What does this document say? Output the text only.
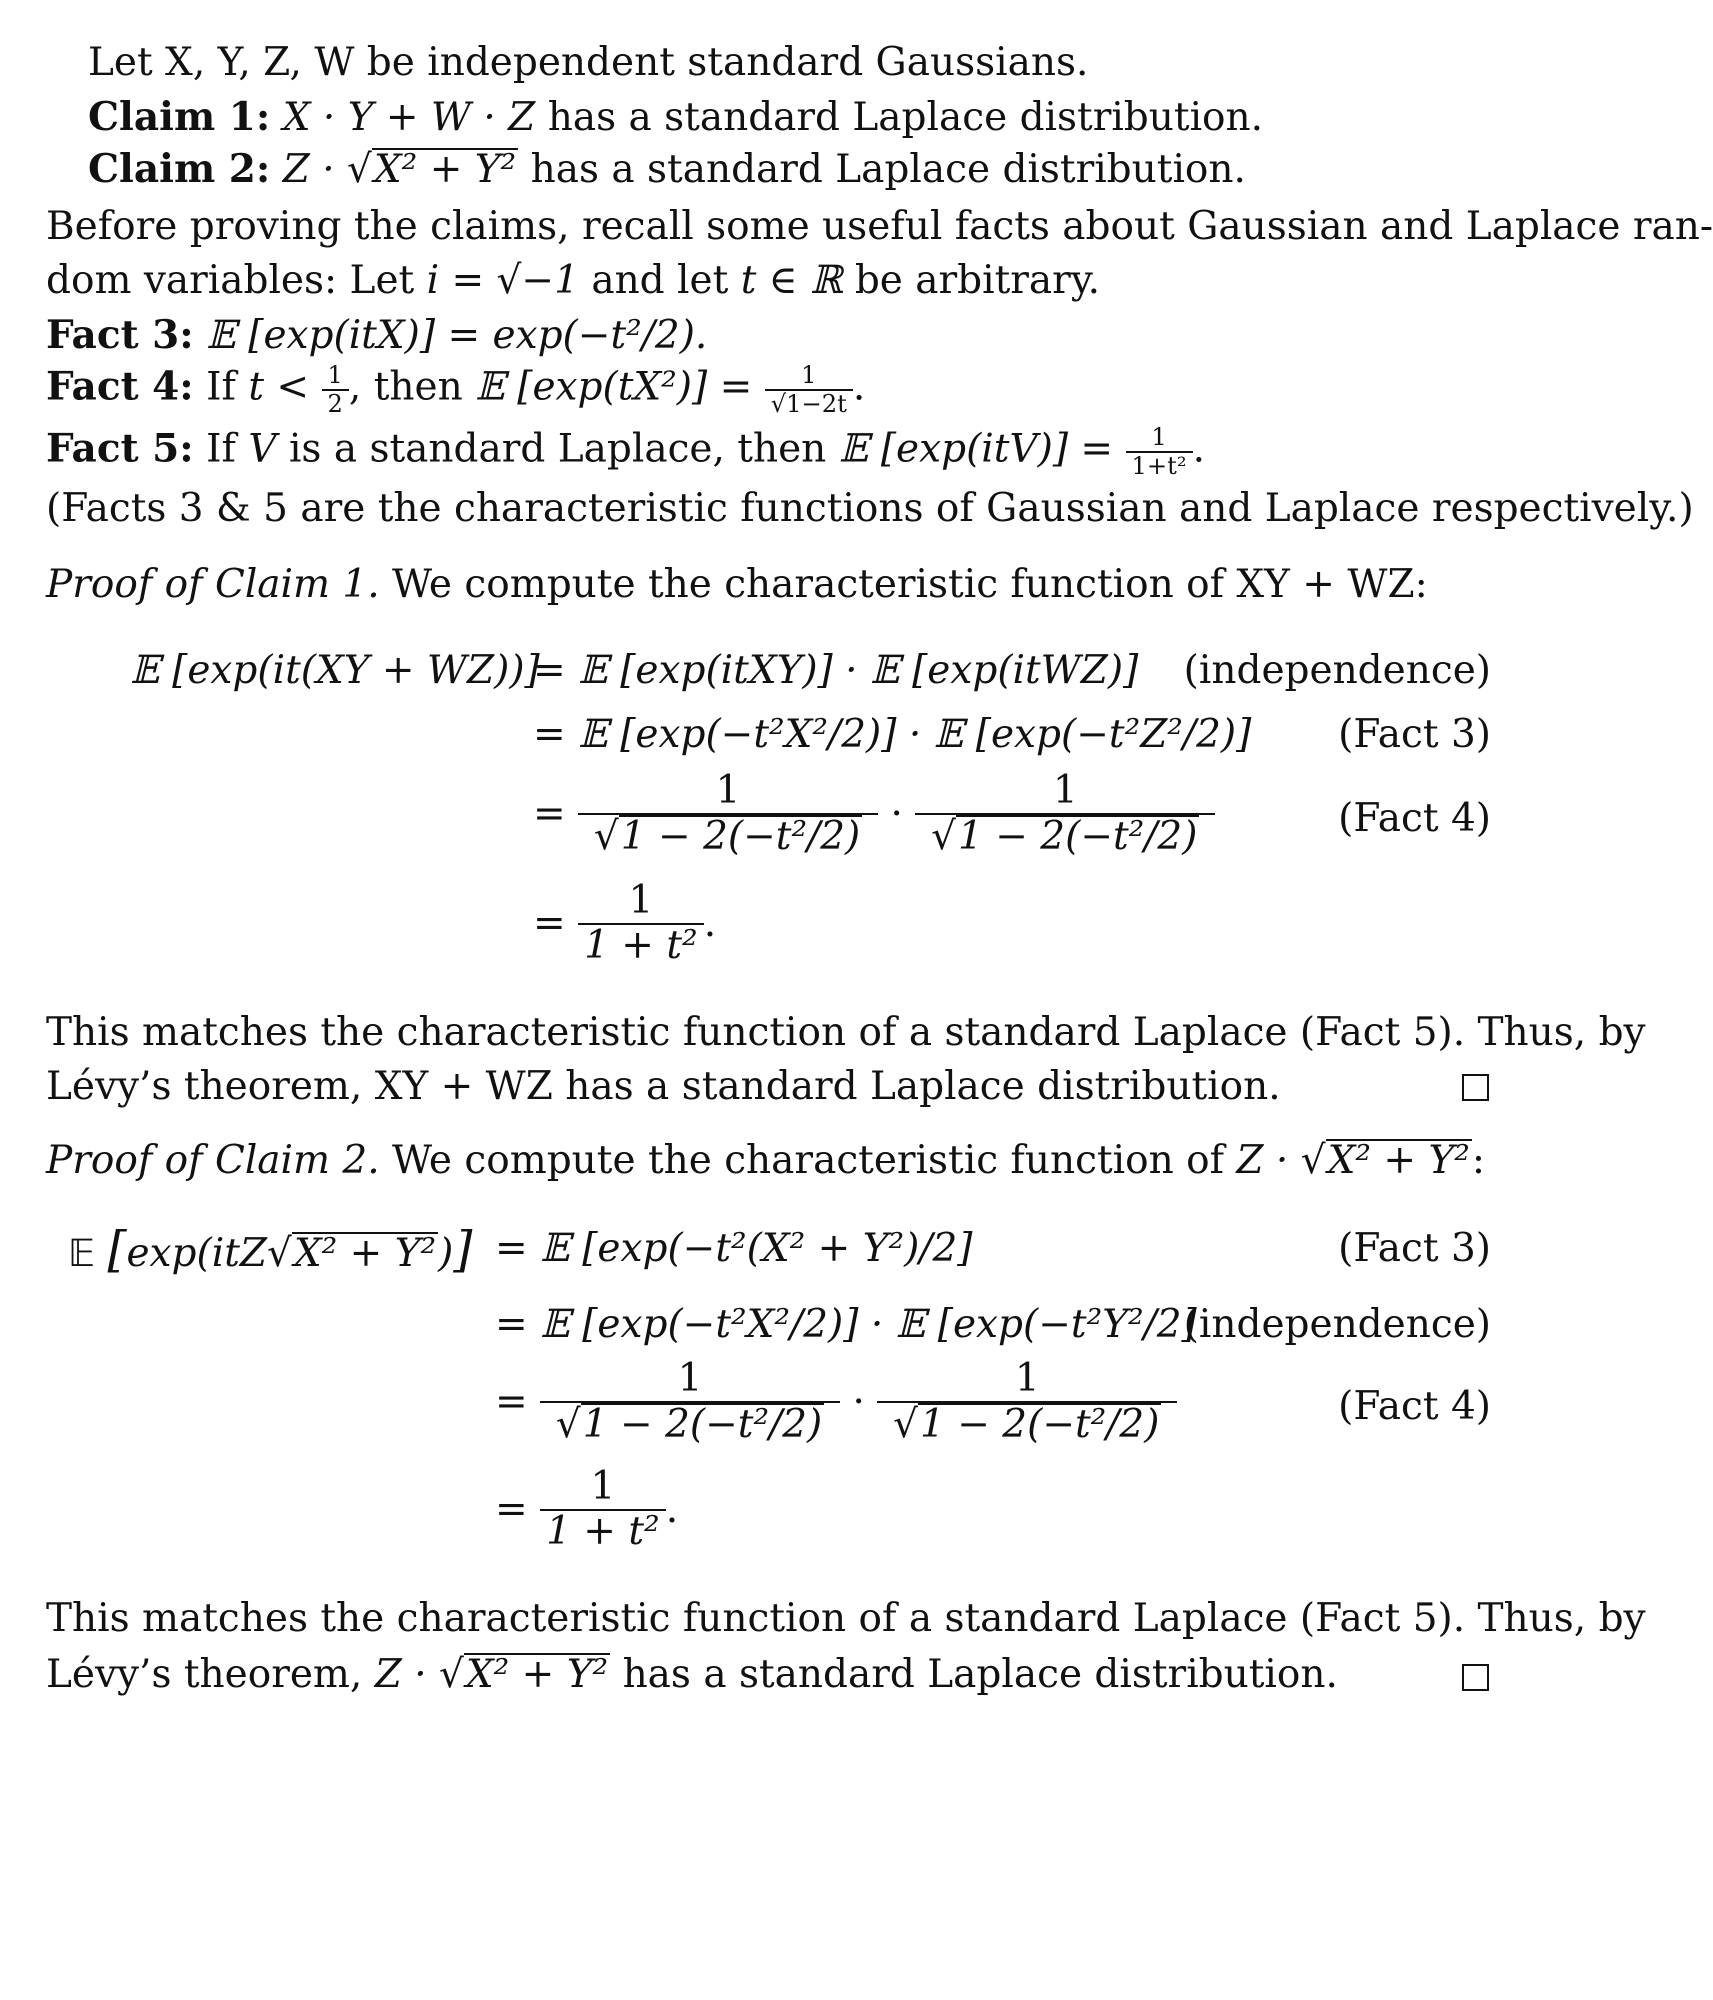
Let X, Y, Z, W be independent standard Gaussians.
Claim 1: X · Y + W · Z has a standard Laplace distribution.
Claim 2: Z · √X² + Y² has a standard Laplace distribution.
Before proving the claims, recall some useful facts about Gaussian and Laplace ran-
dom variables: Let i = √−1 and let t ∈ ℝ be arbitrary.
Fact 3: 𝔼 [exp(itX)] = exp(−t²/2).
Fact 4: If $t < \frac{1}{2}$ , then 𝔼 $[\exp(tX^2)] = \frac{1}{√1-2t}$ .
Fact 5: If V is a standard Laplace, then 𝔼 $[\exp(itV)] = \frac{1}{\text{1+t²}}$ .
(Facts 3 & 5 are the characteristic functions of Gaussian and Laplace respectively.)
Proof of Claim 1. We compute the characteristic function of XY + WZ:
𝔼 [exp(it(XY + WZ))]
= 𝔼 [exp(itXY)] · 𝔼 [exp(itWZ)] (independence)
= 𝔼 [exp(−t²X²/2)] · 𝔼 [exp(−t²Z²/2)] (Fact 3)
= $\frac{1}{\text{√1 − 2(−t²/2)}} \cdot \frac{1}{\text{√1 − 2(−t²/2)}}$	(Fact 4)
= $\frac{1}{\text{1 + t²}}$ .
This matches the characteristic function of a standard Laplace (Fact 5). Thus, by
Lévy’s theorem, XY + WZ has a standard Laplace distribution.
Proof of Claim 2. We compute the characteristic function of Z · √X² + Y²:
𝔼 [exp(itZ√X² + Y²)] = 𝔼 [exp(−t²(X² + Y²)/2]	(Fact 3)
= 𝔼 [exp(−t²X²/2)] · 𝔼 [exp(−t²Y²/2]
(independence)
= $\frac{1}{\text{√1 − 2(−t²/2)}} \cdot \frac{1}{\text{√1 − 2(−t²/2)}}$	(Fact 4)
= $\frac{1}{\text{1 + t²}}$ .
This matches the characteristic function of a standard Laplace (Fact 5). Thus, by
Lévy’s theorem, Z · √X² + Y² has a standard Laplace distribution.
